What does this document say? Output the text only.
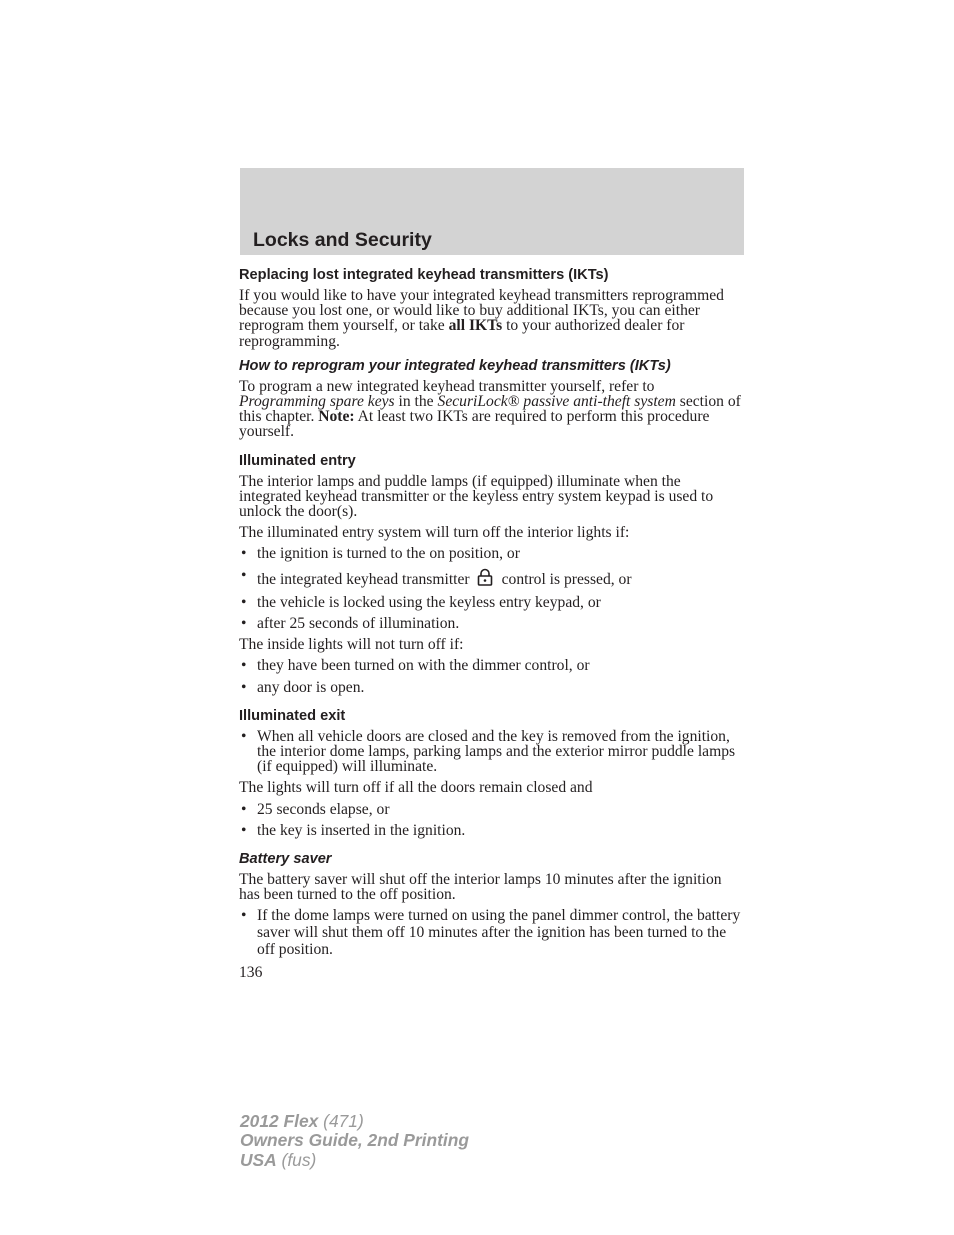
Locks and Security
Replacing lost integrated keyhead transmitters (IKTs)

If you would like to have your integrated keyhead transmitters reprogrammed because you lost one, or would like to buy additional IKTs, you can either reprogram them yourself, or take all IKTs to your authorized dealer for reprogramming.

How to reprogram your integrated keyhead transmitters (IKTs)

To program a new integrated keyhead transmitter yourself, refer to Programming spare keys in the SecuriLock® passive anti-theft system section of this chapter. Note: At least two IKTs are required to perform this procedure yourself.

Illuminated entry

The interior lamps and puddle lamps (if equipped) illuminate when the integrated keyhead transmitter or the keyless entry system keypad is used to unlock the door(s).

The illuminated entry system will turn off the interior lights if:

• the ignition is turned to the on position, or
• the integrated keyhead transmitter control is pressed, or
• the vehicle is locked using the keyless entry keypad, or
• after 25 seconds of illumination.

The inside lights will not turn off if:

• they have been turned on with the dimmer control, or
• any door is open.
Illuminated exit
• When all vehicle doors are closed and the key is removed from the ignition, the interior dome lamps, parking lamps and the exterior mirror puddle lamps (if equipped) will illuminate.

The lights will turn off if all the doors remain closed and

• 25 seconds elapse, or
• the key is inserted in the ignition.
Battery saver

The battery saver will shut off the interior lamps 10 minutes after the ignition has been turned to the off position.

• If the dome lamps were turned on using the panel dimmer control, the battery saver will shut them off 10 minutes after the ignition has been turned to the off position.

136

2012 Flex (471)
Owners Guide, 2nd Printing
USA (fus)
